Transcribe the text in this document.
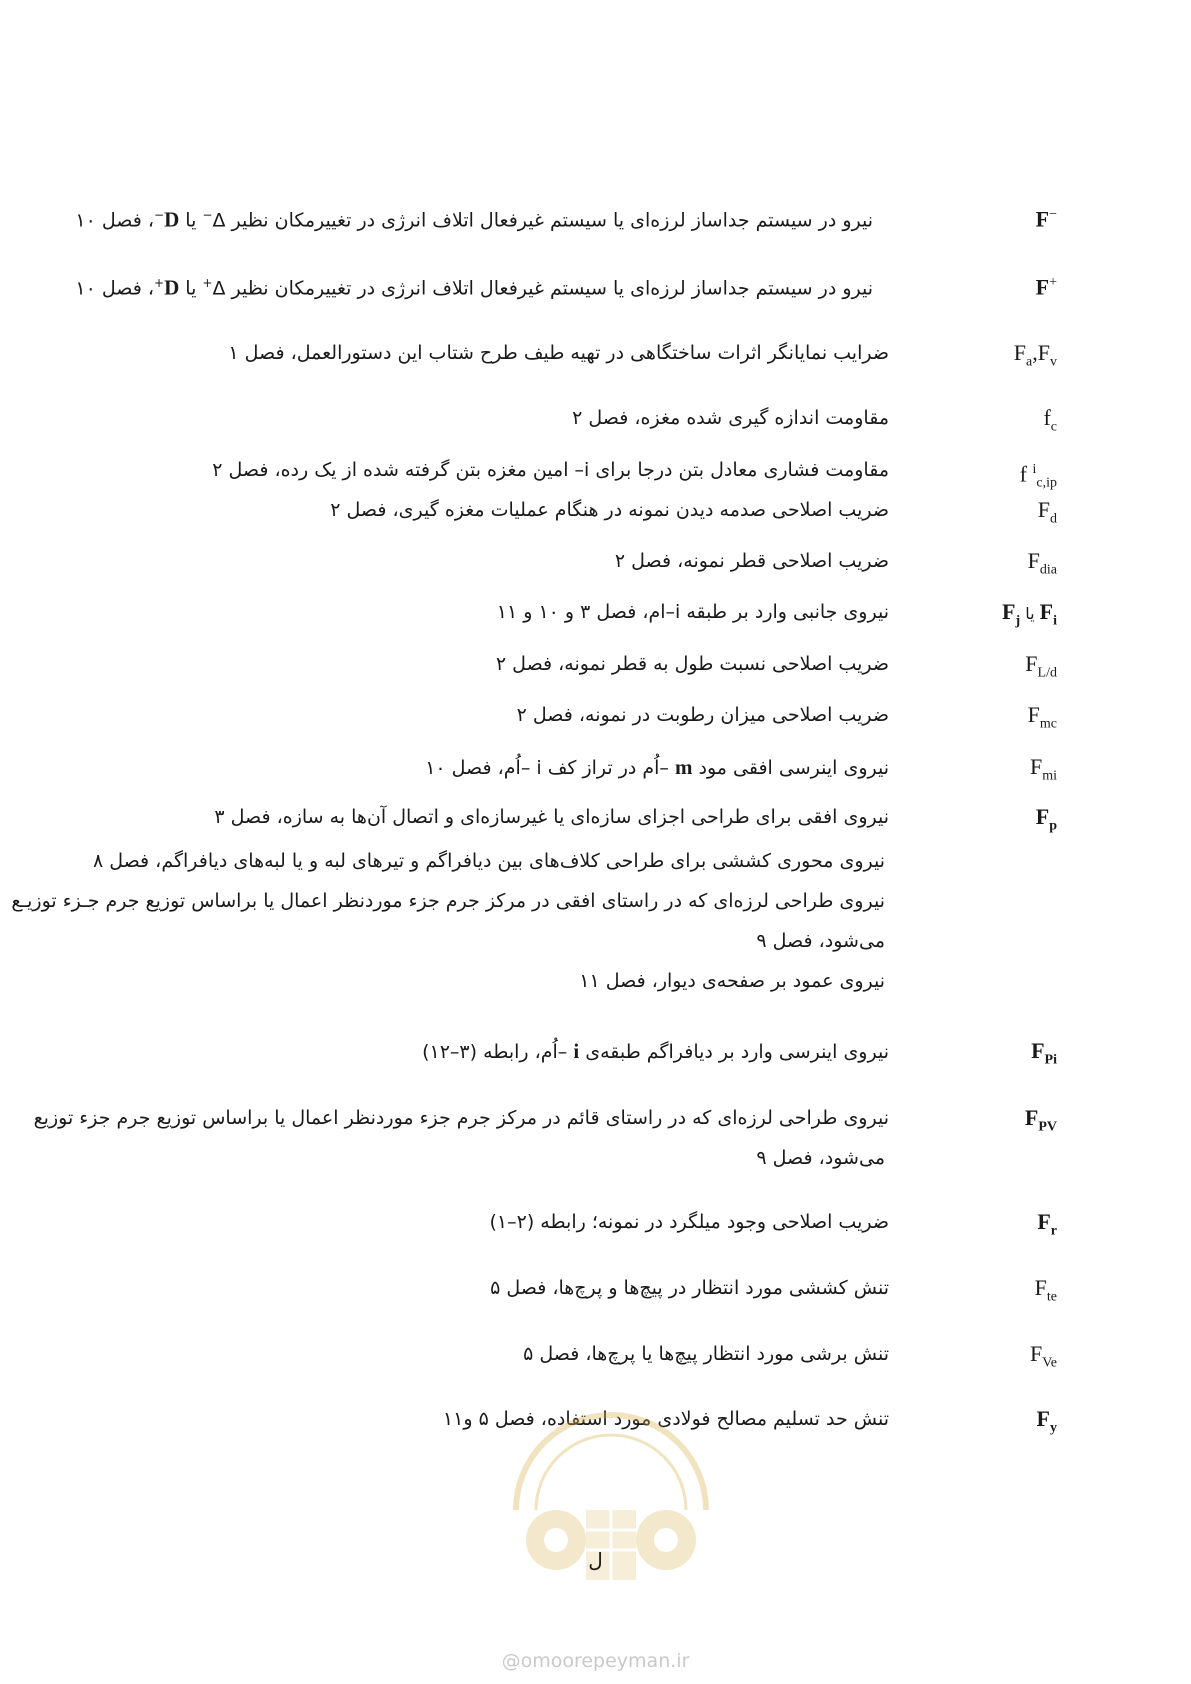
F−
نیرو در سیستم جداساز لرزه‌ای یا سیستم غیرفعال اتلاف انرژی در تغییرمکان نظیر Δ− یا D−، فصل ۱۰
F+
نیرو در سیستم جداساز لرزه‌ای یا سیستم غیرفعال اتلاف انرژی در تغییرمکان نظیر Δ+ یا D+، فصل ۱۰
$F_a,F_v$
ضرایب نمایانگر اثرات ساختگاهی در تهیه طیف طرح شتاب این دستورالعمل، فصل ۱
$f_c$
مقاومت اندازه گیری شده مغزه، فصل ۲
f $^i_{c,ip}$
مقاومت فشاری معادل بتن درجا برای i– امین مغزه بتن گرفته شده از یک رده، فصل ۲
$F_d$
ضریب اصلاحی صدمه دیدن نمونه در هنگام عملیات مغزه گیری، فصل ۲
$F_{dia}$
ضریب اصلاحی قطر نمونه، فصل ۲
$F_i$ یا $F_j$
نیروی جانبی وارد بر طبقه i–ام، فصل ۳ و ۱۰ و ۱۱
$F_{L/d}$
ضریب اصلاحی نسبت طول به قطر نمونه، فصل ۲
$F_{mc}$
ضریب اصلاحی میزان رطوبت در نمونه، فصل ۲
$F_{mi}$
نیروی اینرسی افقی مود m –اُم در تراز کف i –اُم، فصل ۱۰
$F_p$
نیروی افقی برای طراحی اجزای سازه‌ای یا غیرسازه‌ای و اتصال آن‌ها به سازه، فصل ۳
نیروی محوری کششی برای طراحی کلاف‌های بین دیافراگم و تیرهای لبه و یا لبه‌های دیافراگم، فصل ۸
نیروی طراحی لرزه‌ای که در راستای افقی در مرکز جرم جزء موردنظر اعمال یا براساس توزیع جرم جـزء توزیـع
می‌شود، فصل ۹
نیروی عمود بر صفحه‌ی دیوار، فصل ۱۱
$F_{Pi}$
نیروی اینرسی وارد بر دیافراگم طبقه‌ی i –اُم، رابطه (۳–۱۲)
$F_{PV}$
نیروی طراحی لرزه‌ای که در راستای قائم در مرکز جرم جزء موردنظر اعمال یا براساس توزیع جرم جزء توزیع
می‌شود، فصل ۹
$F_r$
ضریب اصلاحی وجود میلگرد در نمونه؛ رابطه (۲–۱)
$F_{te}$
تنش کششی مورد انتظار در پیچ‌ها و پرچ‌ها، فصل ۵
$F_{Ve}$
تنش برشی مورد انتظار پیچ‌ها یا پرچ‌ها، فصل ۵
$F_y$
تنش حد تسلیم مصالح فولادی مورد استفاده، فصل ۵ و۱۱
ل
@omoorepeyman.ir
